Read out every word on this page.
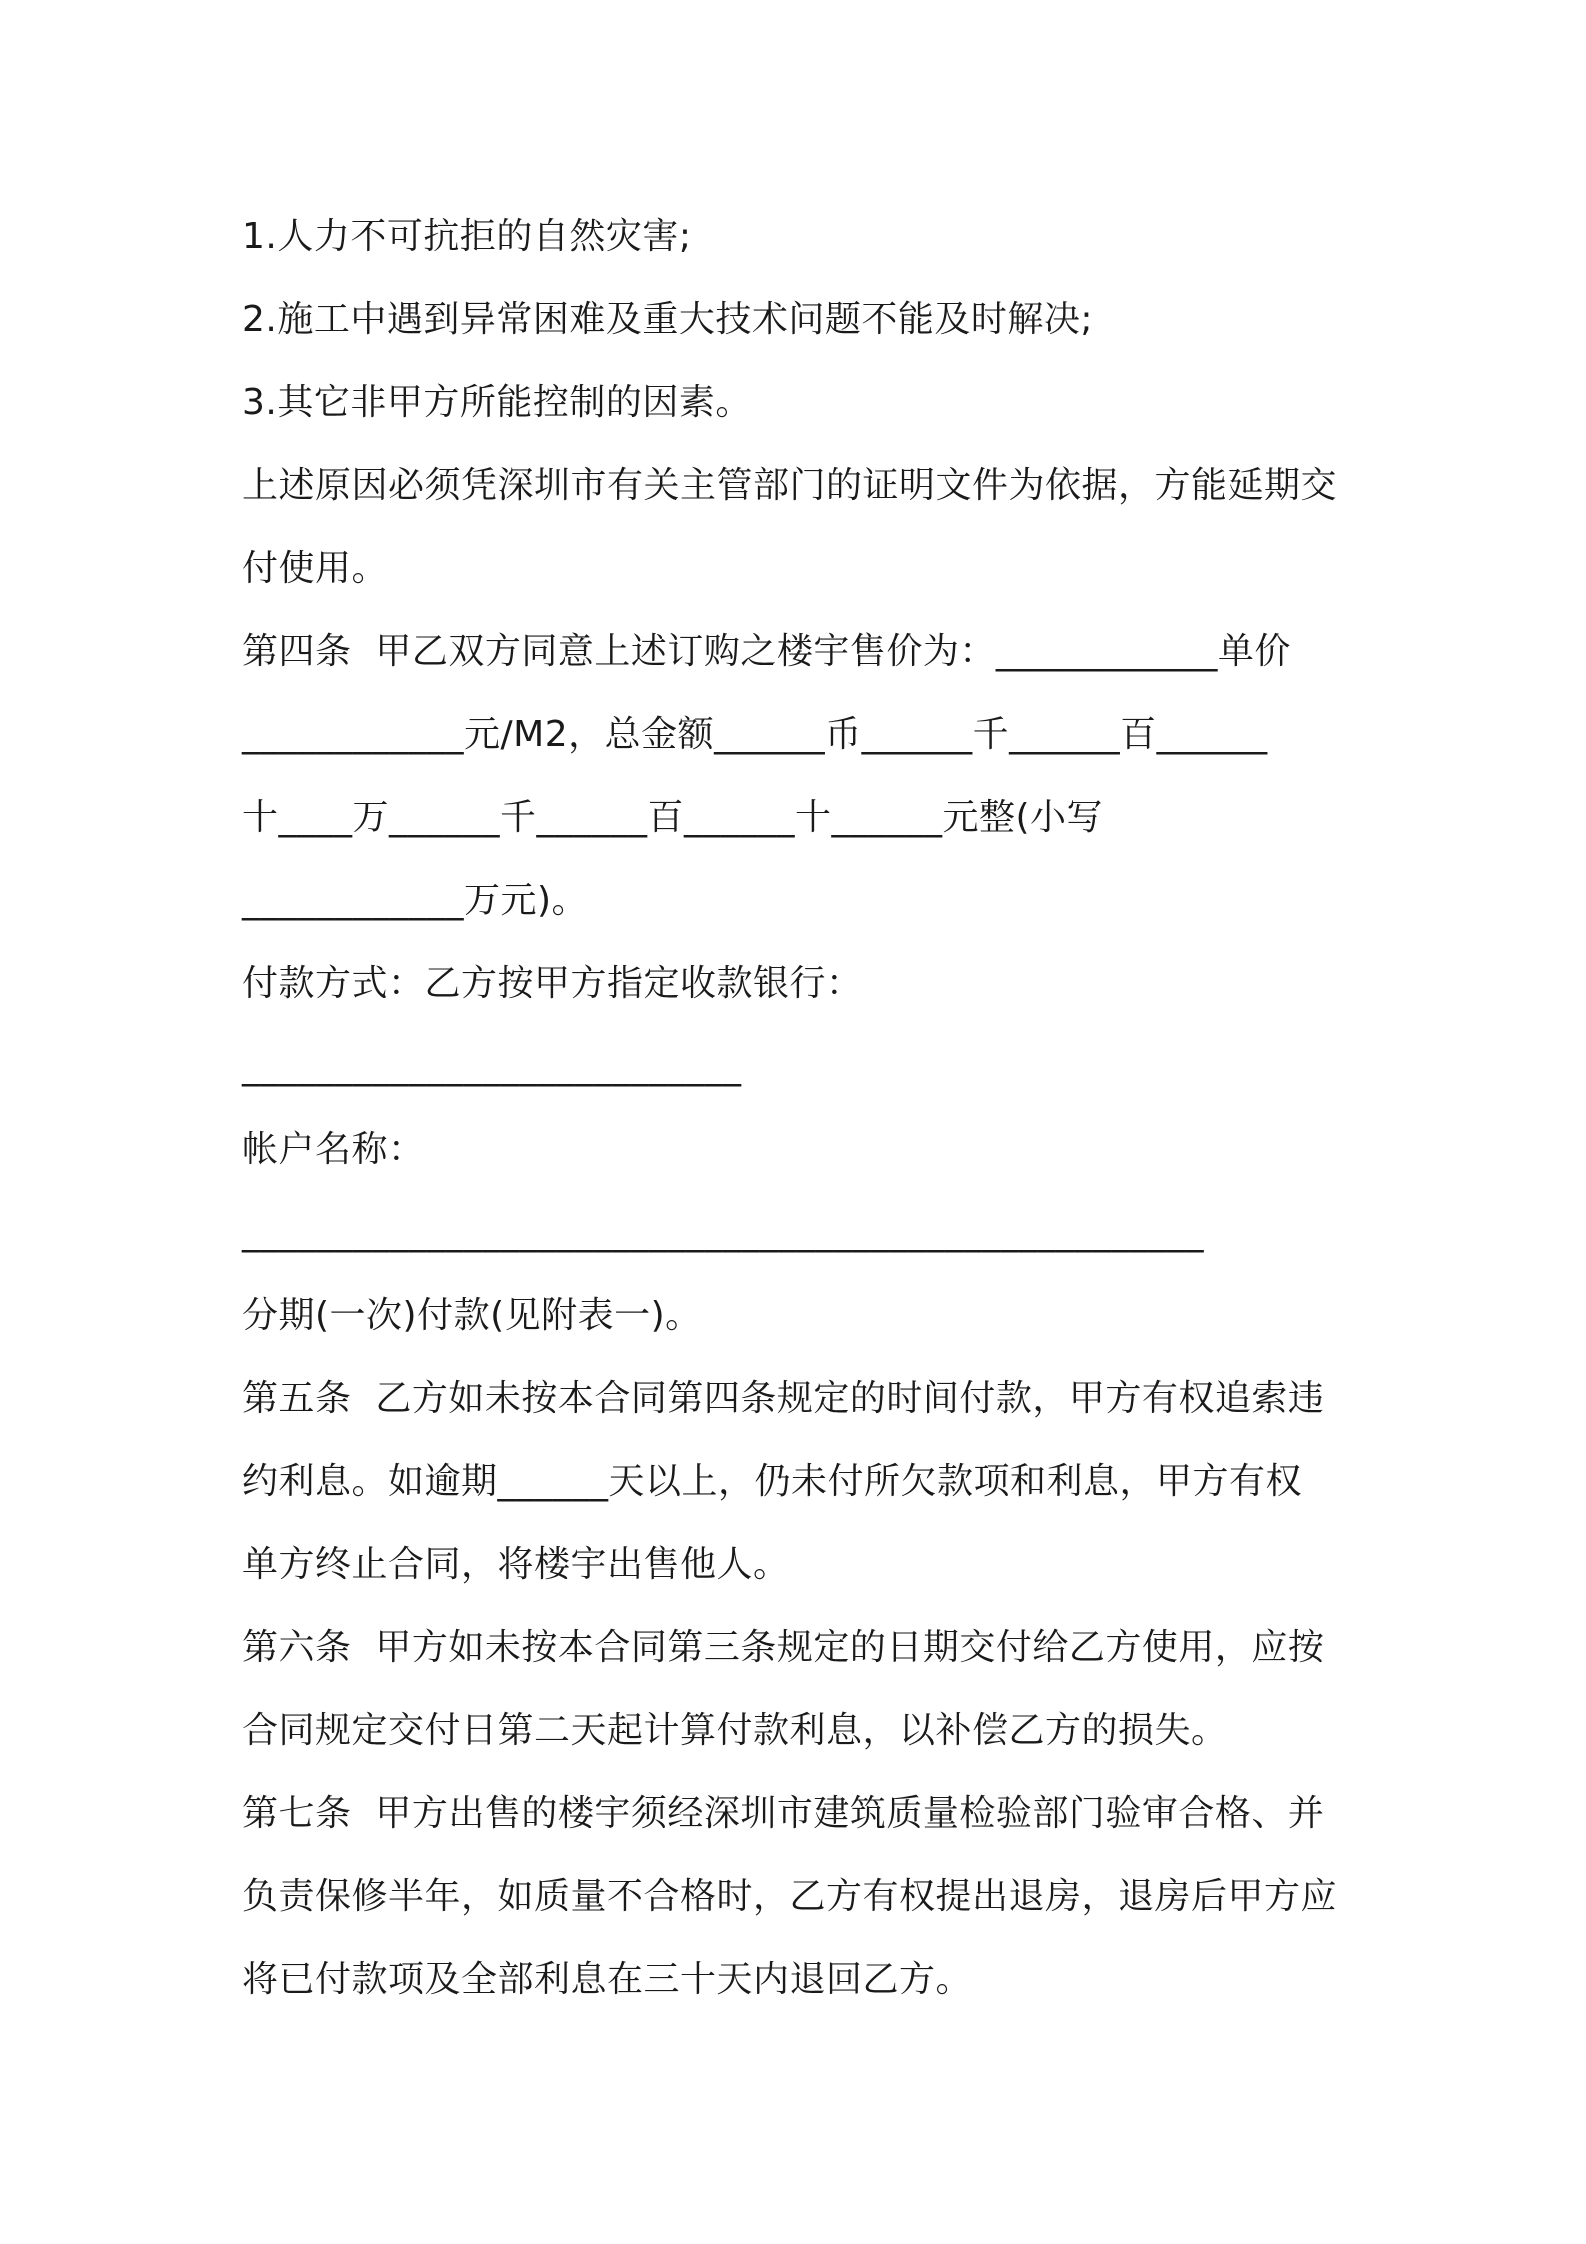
1.人力不可抗拒的自然灾害;
2.施工中遇到异常困难及重大技术问题不能及时解决;
3.其它非甲方所能控制的因素。
上述原因必须凭深圳市有关主管部门的证明文件为依据，方能延期交
付使用。
第四条  甲乙双方同意上述订购之楼宇售价为：____________单价
____________元/M2，总金额______币______千______百______
十____万______千______百______十______元整(小写
____________万元)。
付款方式：乙方按甲方指定收款银行：
___________________________
帐户名称：
____________________________________________________
分期(一次)付款(见附表一)。
第五条  乙方如未按本合同第四条规定的时间付款，甲方有权追索违
约利息。如逾期______天以上，仍未付所欠款项和利息，甲方有权
单方终止合同，将楼宇出售他人。
第六条  甲方如未按本合同第三条规定的日期交付给乙方使用，应按
合同规定交付日第二天起计算付款利息，以补偿乙方的损失。
第七条  甲方出售的楼宇须经深圳市建筑质量检验部门验审合格、并
负责保修半年，如质量不合格时，乙方有权提出退房，退房后甲方应
将已付款项及全部利息在三十天内退回乙方。
